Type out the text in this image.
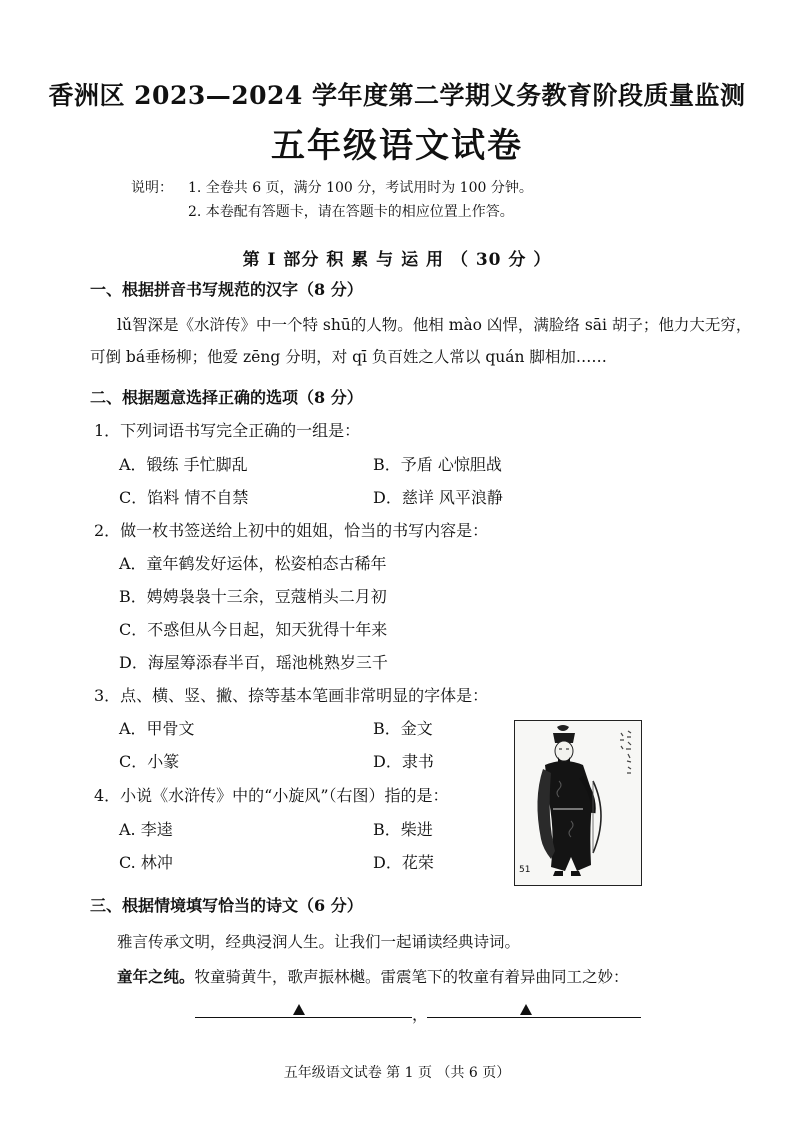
香洲区 2023—2024 学年度第二学期义务教育阶段质量监测
五年级语文试卷
说明： 1. 全卷共 6 页，满分 100 分，考试用时为 100 分钟。
2. 本卷配有答题卡，请在答题卡的相应位置上作答。
第 Ⅰ 部分 积 累 与 运 用 （ 30 分 ）
一、根据拼音书写规范的汉字（8 分）
lǔ智深是《水浒传》中一个特 shū的人物。他相 mào 凶悍，满脸络 sāi 胡子；他力大无穷，
可倒 bá垂杨柳；他爱 zēng 分明，对 qī 负百姓之人常以 quán 脚相加……
二、根据题意选择正确的选项（8 分）
1．下列词语书写完全正确的一组是：
A．锻练 手忙脚乱	B．予盾 心惊胆战
C．馅料 情不自禁	D．慈详 风平浪静
2．做一枚书签送给上初中的姐姐，恰当的书写内容是：
A．童年鹤发好运体，松姿柏态古稀年
B．娉娉袅袅十三余，豆蔻梢头二月初
C．不惑但从今日起，知天犹得十年来
D．海屋筹添春半百，瑶池桃熟岁三千
3．点、横、竖、撇、捺等基本笔画非常明显的字体是：
A．甲骨文	B．金文
C．小篆	D．隶书
4．小说《水浒传》中的“小旋风”（右图）指的是：
A. 李逵	B．柴进
C. 林冲	D．花荣	51
三、根据情境填写恰当的诗文（6 分）
雅言传承文明，经典浸润人生。让我们一起诵读经典诗词。
童年之纯。牧童骑黄牛，歌声振林樾。雷震笔下的牧童有着异曲同工之妙：
，
五年级语文试卷 第 1 页 （共 6 页）
